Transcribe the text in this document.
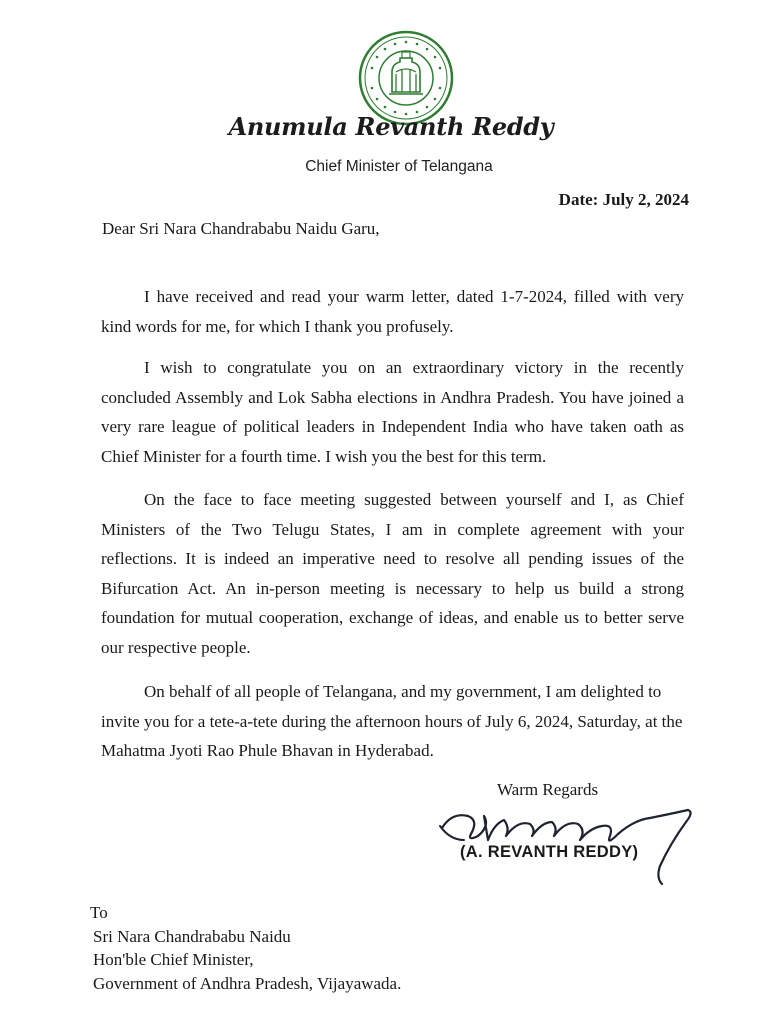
Anumula Revanth Reddy
Chief Minister of Telangana
Date: July 2, 2024
Dear Sri Nara Chandrababu Naidu Garu,

I have received and read your warm letter, dated 1-7-2024, filled with very kind words for me, for which I thank you profusely.

I wish to congratulate you on an extraordinary victory in the recently concluded Assembly and Lok Sabha elections in Andhra Pradesh. You have joined a very rare league of political leaders in Independent India who have taken oath as Chief Minister for a fourth time. I wish you the best for this term.

On the face to face meeting suggested between yourself and I, as Chief Ministers of the Two Telugu States, I am in complete agreement with your reflections. It is indeed an imperative need to resolve all pending issues of the Bifurcation Act. An in-person meeting is necessary to help us build a strong foundation for mutual cooperation, exchange of ideas, and enable us to better serve our respective people.

On behalf of all people of Telangana, and my government, I am delighted to invite you for a tete-a-tete during the afternoon hours of July 6, 2024, Saturday, at the Mahatma Jyoti Rao Phule Bhavan in Hyderabad.

Warm Regards
(A. REVANTH REDDY)
To
Sri Nara Chandrababu Naidu
Hon'ble Chief Minister,
Government of Andhra Pradesh, Vijayawada.
